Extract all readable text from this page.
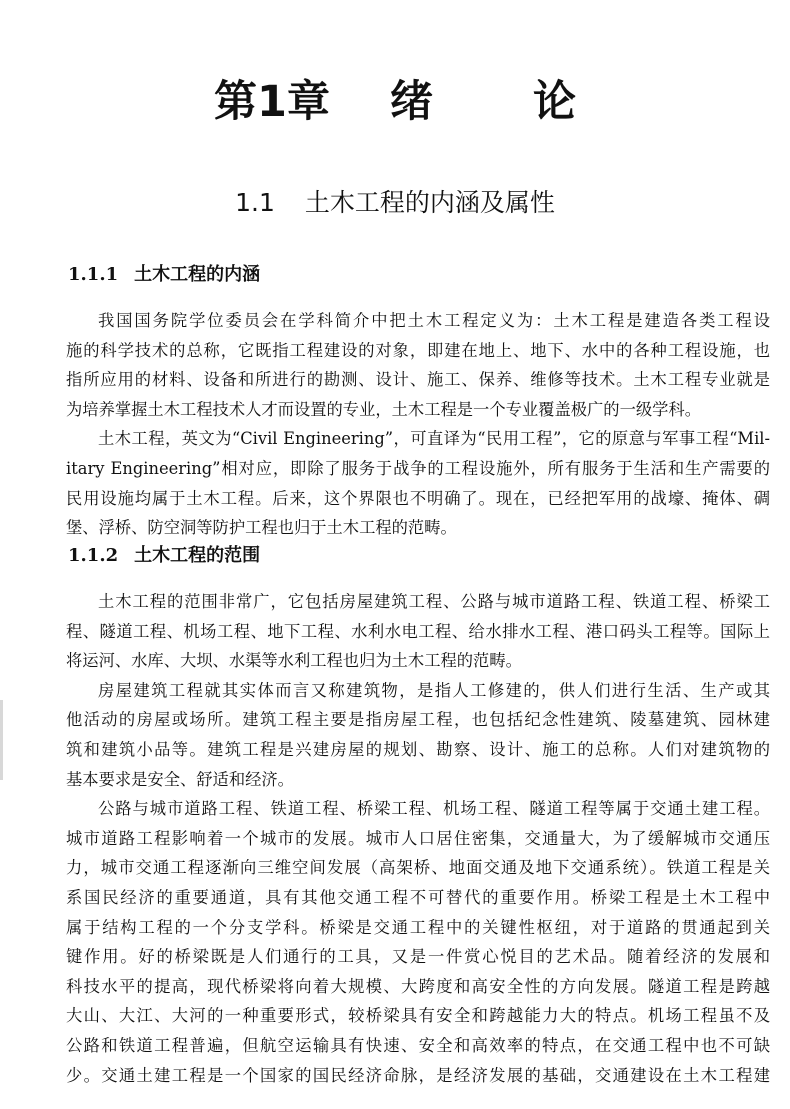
第1章 绪 论
1.1 土木工程的内涵及属性
1.1.1 土木工程的内涵
我国国务院学位委员会在学科简介中把土木工程定义为：土木工程是建造各类工程设
施的科学技术的总称，它既指工程建设的对象，即建在地上、地下、水中的各种工程设施，也
指所应用的材料、设备和所进行的勘测、设计、施工、保养、维修等技术。土木工程专业就是
为培养掌握土木工程技术人才而设置的专业，土木工程是一个专业覆盖极广的一级学科。
土木工程，英文为“Civil Engineering”，可直译为“民用工程”，它的原意与军事工程“Mil-
itary Engineering”相对应，即除了服务于战争的工程设施外，所有服务于生活和生产需要的
民用设施均属于土木工程。后来，这个界限也不明确了。现在，已经把军用的战壕、掩体、碉
堡、浮桥、防空洞等防护工程也归于土木工程的范畴。
1.1.2 土木工程的范围
土木工程的范围非常广，它包括房屋建筑工程、公路与城市道路工程、铁道工程、桥梁工
程、隧道工程、机场工程、地下工程、水利水电工程、给水排水工程、港口码头工程等。国际上
将运河、水库、大坝、水渠等水利工程也归为土木工程的范畴。
房屋建筑工程就其实体而言又称建筑物，是指人工修建的，供人们进行生活、生产或其
他活动的房屋或场所。建筑工程主要是指房屋工程，也包括纪念性建筑、陵墓建筑、园林建
筑和建筑小品等。建筑工程是兴建房屋的规划、勘察、设计、施工的总称。人们对建筑物的
基本要求是安全、舒适和经济。
公路与城市道路工程、铁道工程、桥梁工程、机场工程、隧道工程等属于交通土建工程。
城市道路工程影响着一个城市的发展。城市人口居住密集，交通量大，为了缓解城市交通压
力，城市交通工程逐渐向三维空间发展（高架桥、地面交通及地下交通系统）。铁道工程是关
系国民经济的重要通道，具有其他交通工程不可替代的重要作用。桥梁工程是土木工程中
属于结构工程的一个分支学科。桥梁是交通工程中的关键性枢纽，对于道路的贯通起到关
键作用。好的桥梁既是人们通行的工具，又是一件赏心悦目的艺术品。随着经济的发展和
科技水平的提高，现代桥梁将向着大规模、大跨度和高安全性的方向发展。隧道工程是跨越
大山、大江、大河的一种重要形式，较桥梁具有安全和跨越能力大的特点。机场工程虽不及
公路和铁道工程普遍，但航空运输具有快速、安全和高效率的特点，在交通工程中也不可缺
少。交通土建工程是一个国家的国民经济命脉，是经济发展的基础，交通建设在土木工程建
